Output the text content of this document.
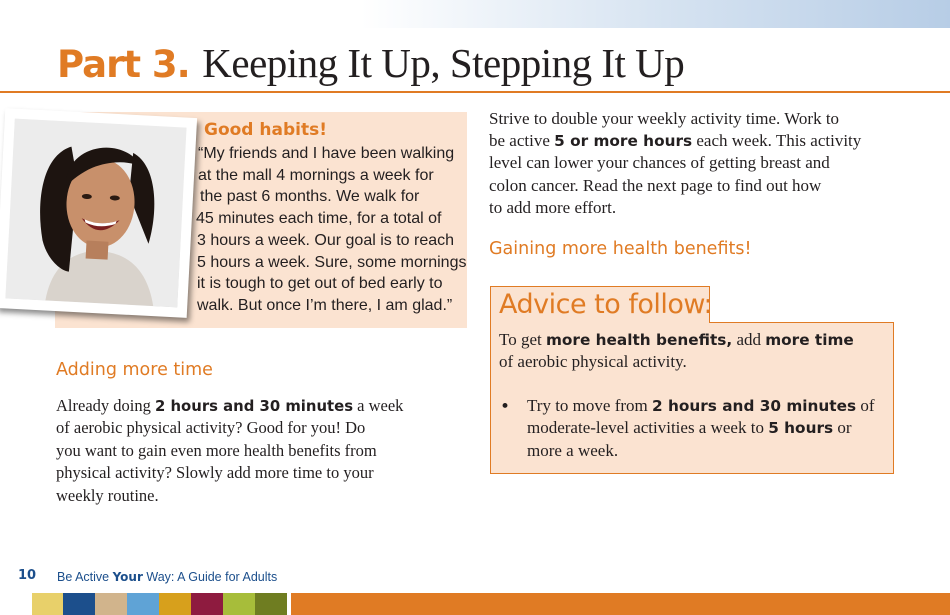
Part 3. Keeping It Up, Stepping It Up
Good habits!
“My friends and I have been walking
at the mall 4 mornings a week for
the past 6 months. We walk for
45 minutes each time, for a total of
3 hours a week. Our goal is to reach
5 hours a week. Sure, some mornings
it is tough to get out of bed early to
walk. But once I’m there, I am glad.”
Adding more time
Already doing 2 hours and 30 minutes a week
of aerobic physical activity? Good for you! Do
you want to gain even more health benefits from
physical activity? Slowly add more time to your
weekly routine.
Strive to double your weekly activity time. Work to
be active 5 or more hours each week. This activity
level can lower your chances of getting breast and
colon cancer. Read the next page to find out how
to add more effort.
Gaining more health benefits!
Advice to follow:
To get more health benefits, add more time
of aerobic physical activity.
• Try to move from 2 hours and 30 minutes of
moderate-level activities a week to 5 hours or
more a week.
10 Be Active Your Way: A Guide for Adults
